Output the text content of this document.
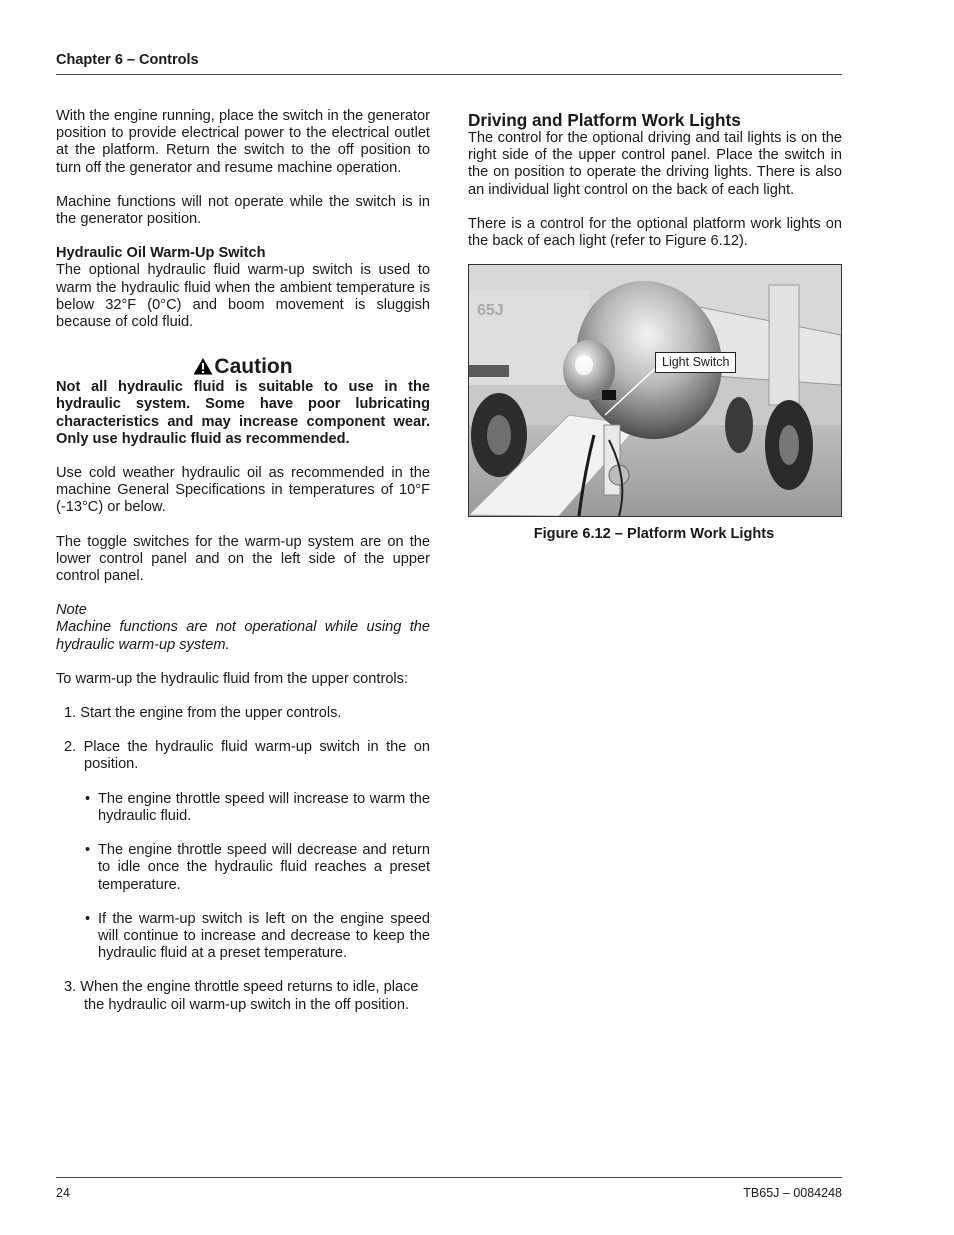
Chapter 6 – Controls

With the engine running, place the switch in the generator position to provide electrical power to the electrical outlet at the platform. Return the switch to the off position to turn off the generator and resume machine operation.

Machine functions will not operate while the switch is in the generator position.

Hydraulic Oil Warm-Up Switch

The optional hydraulic fluid warm-up switch is used to warm the hydraulic fluid when the ambient temperature is below 32°F (0°C) and boom movement is sluggish because of cold fluid.

Caution

Not all hydraulic fluid is suitable to use in the hydraulic system. Some have poor lubricating characteristics and may increase component wear. Only use hydraulic fluid as recommended.

Use cold weather hydraulic oil as recommended in the machine General Specifications in temperatures of 10°F (-13°C) or below.

The toggle switches for the warm-up system are on the lower control panel and on the left side of the upper control panel.

Note

Machine functions are not operational while using the hydraulic warm-up system.

To warm-up the hydraulic fluid from the upper controls:

1. Start the engine from the upper controls.

2. Place the hydraulic fluid warm-up switch in the on position.

• The engine throttle speed will increase to warm the hydraulic fluid.

• The engine throttle speed will decrease and return to idle once the hydraulic fluid reaches a preset temperature.

• If the warm-up switch is left on the engine speed will continue to increase and decrease to keep the hydraulic fluid at a preset temperature.

3. When the engine throttle speed returns to idle, place the hydraulic oil warm-up switch in the off position.

Driving and Platform Work Lights

The control for the optional driving and tail lights is on the right side of the upper control panel. Place the switch in the on position to operate the driving lights. There is also an individual light control on the back of each light.

There is a control for the optional platform work lights on the back of each light (refer to Figure 6.12).

65J
Light Switch
Figure 6.12 – Platform Work Lights
24	TB65J – 0084248
